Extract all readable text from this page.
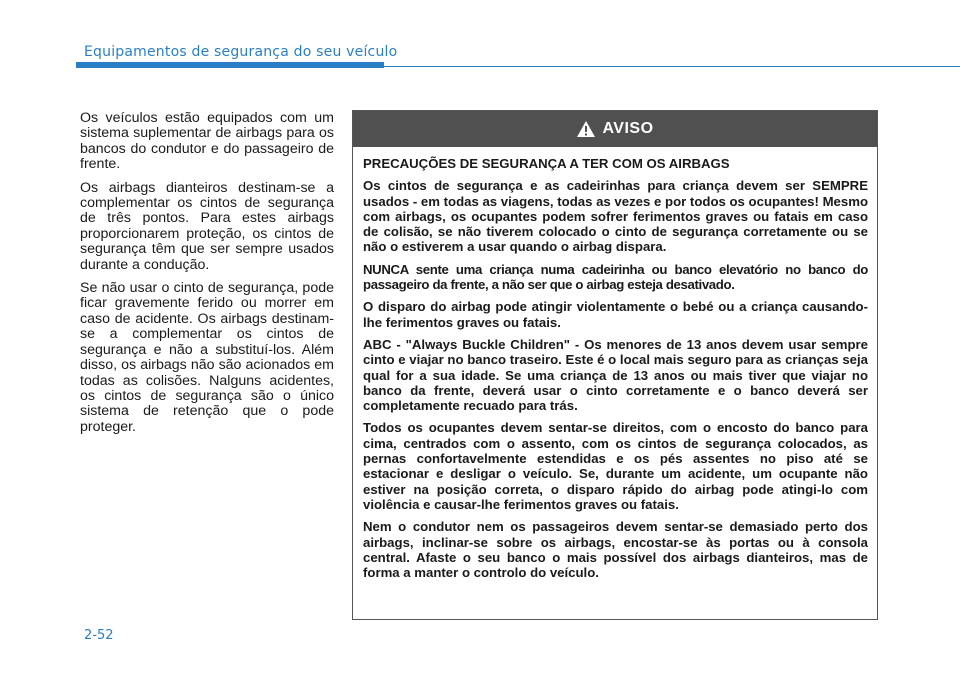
Equipamentos de segurança do seu veículo

Os veículos estão equipados com um sistema suplementar de airbags para os bancos do condutor e do passageiro de frente.

Os airbags dianteiros destinam-se a complementar os cintos de segurança de três pontos. Para estes airbags proporcionarem proteção, os cintos de segurança têm que ser sempre usados durante a condução.

Se não usar o cinto de segurança, pode ficar gravemente ferido ou morrer em caso de acidente. Os airbags destinam-se a complementar os cintos de segurança e não a substituí-los. Além disso, os airbags não são acionados em todas as colisões. Nalguns acidentes, os cintos de segurança são o único sistema de retenção que o pode proteger.

AVISO

PRECAUÇÕES DE SEGURANÇA A TER COM OS AIRBAGS

Os cintos de segurança e as cadeirinhas para criança devem ser SEMPRE usados - em todas as viagens, todas as vezes e por todos os ocupantes! Mesmo com airbags, os ocupantes podem sofrer ferimentos graves ou fatais em caso de colisão, se não tiverem colocado o cinto de segurança corretamente ou se não o estiverem a usar quando o airbag dispara.

NUNCA sente uma criança numa cadeirinha ou banco elevatório no banco do passageiro da frente, a não ser que o airbag esteja desativado.

O disparo do airbag pode atingir violentamente o bebé ou a criança causando-lhe ferimentos graves ou fatais.

ABC - "Always Buckle Children" - Os menores de 13 anos devem usar sempre cinto e viajar no banco traseiro. Este é o local mais seguro para as crianças seja qual for a sua idade. Se uma criança de 13 anos ou mais tiver que viajar no banco da frente, deverá usar o cinto corretamente e o banco deverá ser completamente recuado para trás.

Todos os ocupantes devem sentar-se direitos, com o encosto do banco para cima, centrados com o assento, com os cintos de segurança colocados, as pernas confortavelmente estendidas e os pés assentes no piso até se estacionar e desligar o veículo. Se, durante um acidente, um ocupante não estiver na posição correta, o disparo rápido do airbag pode atingi-lo com violência e causar-lhe ferimentos graves ou fatais.

Nem o condutor nem os passageiros devem sentar-se demasiado perto dos airbags, inclinar-se sobre os airbags, encostar-se às portas ou à consola central. Afaste o seu banco o mais possível dos airbags dianteiros, mas de forma a manter o controlo do veículo.

2-52
